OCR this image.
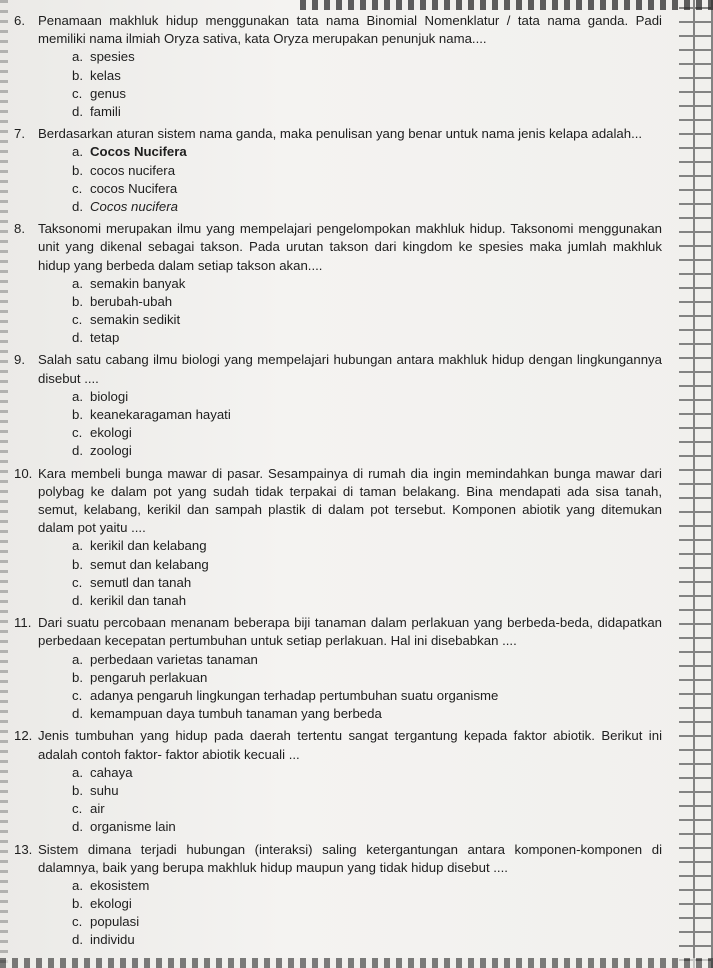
6. Penamaan makhluk hidup menggunakan tata nama Binomial Nomenklatur / tata nama ganda. Padi memiliki nama ilmiah Oryza sativa, kata Oryza merupakan penunjuk nama....
a. spesies
b. kelas
c. genus
d. famili
7. Berdasarkan aturan sistem nama ganda, maka penulisan yang benar untuk nama jenis kelapa adalah...
a. Cocos Nucifera
b. cocos nucifera
c. cocos Nucifera
d. Cocos nucifera
8. Taksonomi merupakan ilmu yang mempelajari pengelompokan makhluk hidup. Taksonomi menggunakan unit yang dikenal sebagai takson. Pada urutan takson dari kingdom ke spesies maka jumlah makhluk hidup yang berbeda dalam setiap takson akan....
a. semakin banyak
b. berubah-ubah
c. semakin sedikit
d. tetap
9. Salah satu cabang ilmu biologi yang mempelajari hubungan antara makhluk hidup dengan lingkungannya disebut ....
a. biologi
b. keanekaragaman hayati
c. ekologi
d. zoologi
10. Kara membeli bunga mawar di pasar. Sesampainya di rumah dia ingin memindahkan bunga mawar dari polybag ke dalam pot yang sudah tidak terpakai di taman belakang. Bina mendapati ada sisa tanah, semut, kelabang, kerikil dan sampah plastik di dalam pot tersebut. Komponen abiotik yang ditemukan dalam pot yaitu ....
a. kerikil dan kelabang
b. semut dan kelabang
c. semutl dan tanah
d. kerikil dan tanah
11. Dari suatu percobaan menanam beberapa biji tanaman dalam perlakuan yang berbeda-beda, didapatkan perbedaan kecepatan pertumbuhan untuk setiap perlakuan. Hal ini disebabkan ....
a. perbedaan varietas tanaman
b. pengaruh perlakuan
c. adanya pengaruh lingkungan terhadap pertumbuhan suatu organisme
d. kemampuan daya tumbuh tanaman yang berbeda
12. Jenis tumbuhan yang hidup pada daerah tertentu sangat tergantung kepada faktor abiotik. Berikut ini adalah contoh faktor- faktor abiotik kecuali ...
a. cahaya
b. suhu
c. air
d. organisme lain
13. Sistem dimana terjadi hubungan (interaksi) saling ketergantungan antara komponen-komponen di dalamnya, baik yang berupa makhluk hidup maupun yang tidak hidup disebut ....
a. ekosistem
b. ekologi
c. populasi
d. individu
